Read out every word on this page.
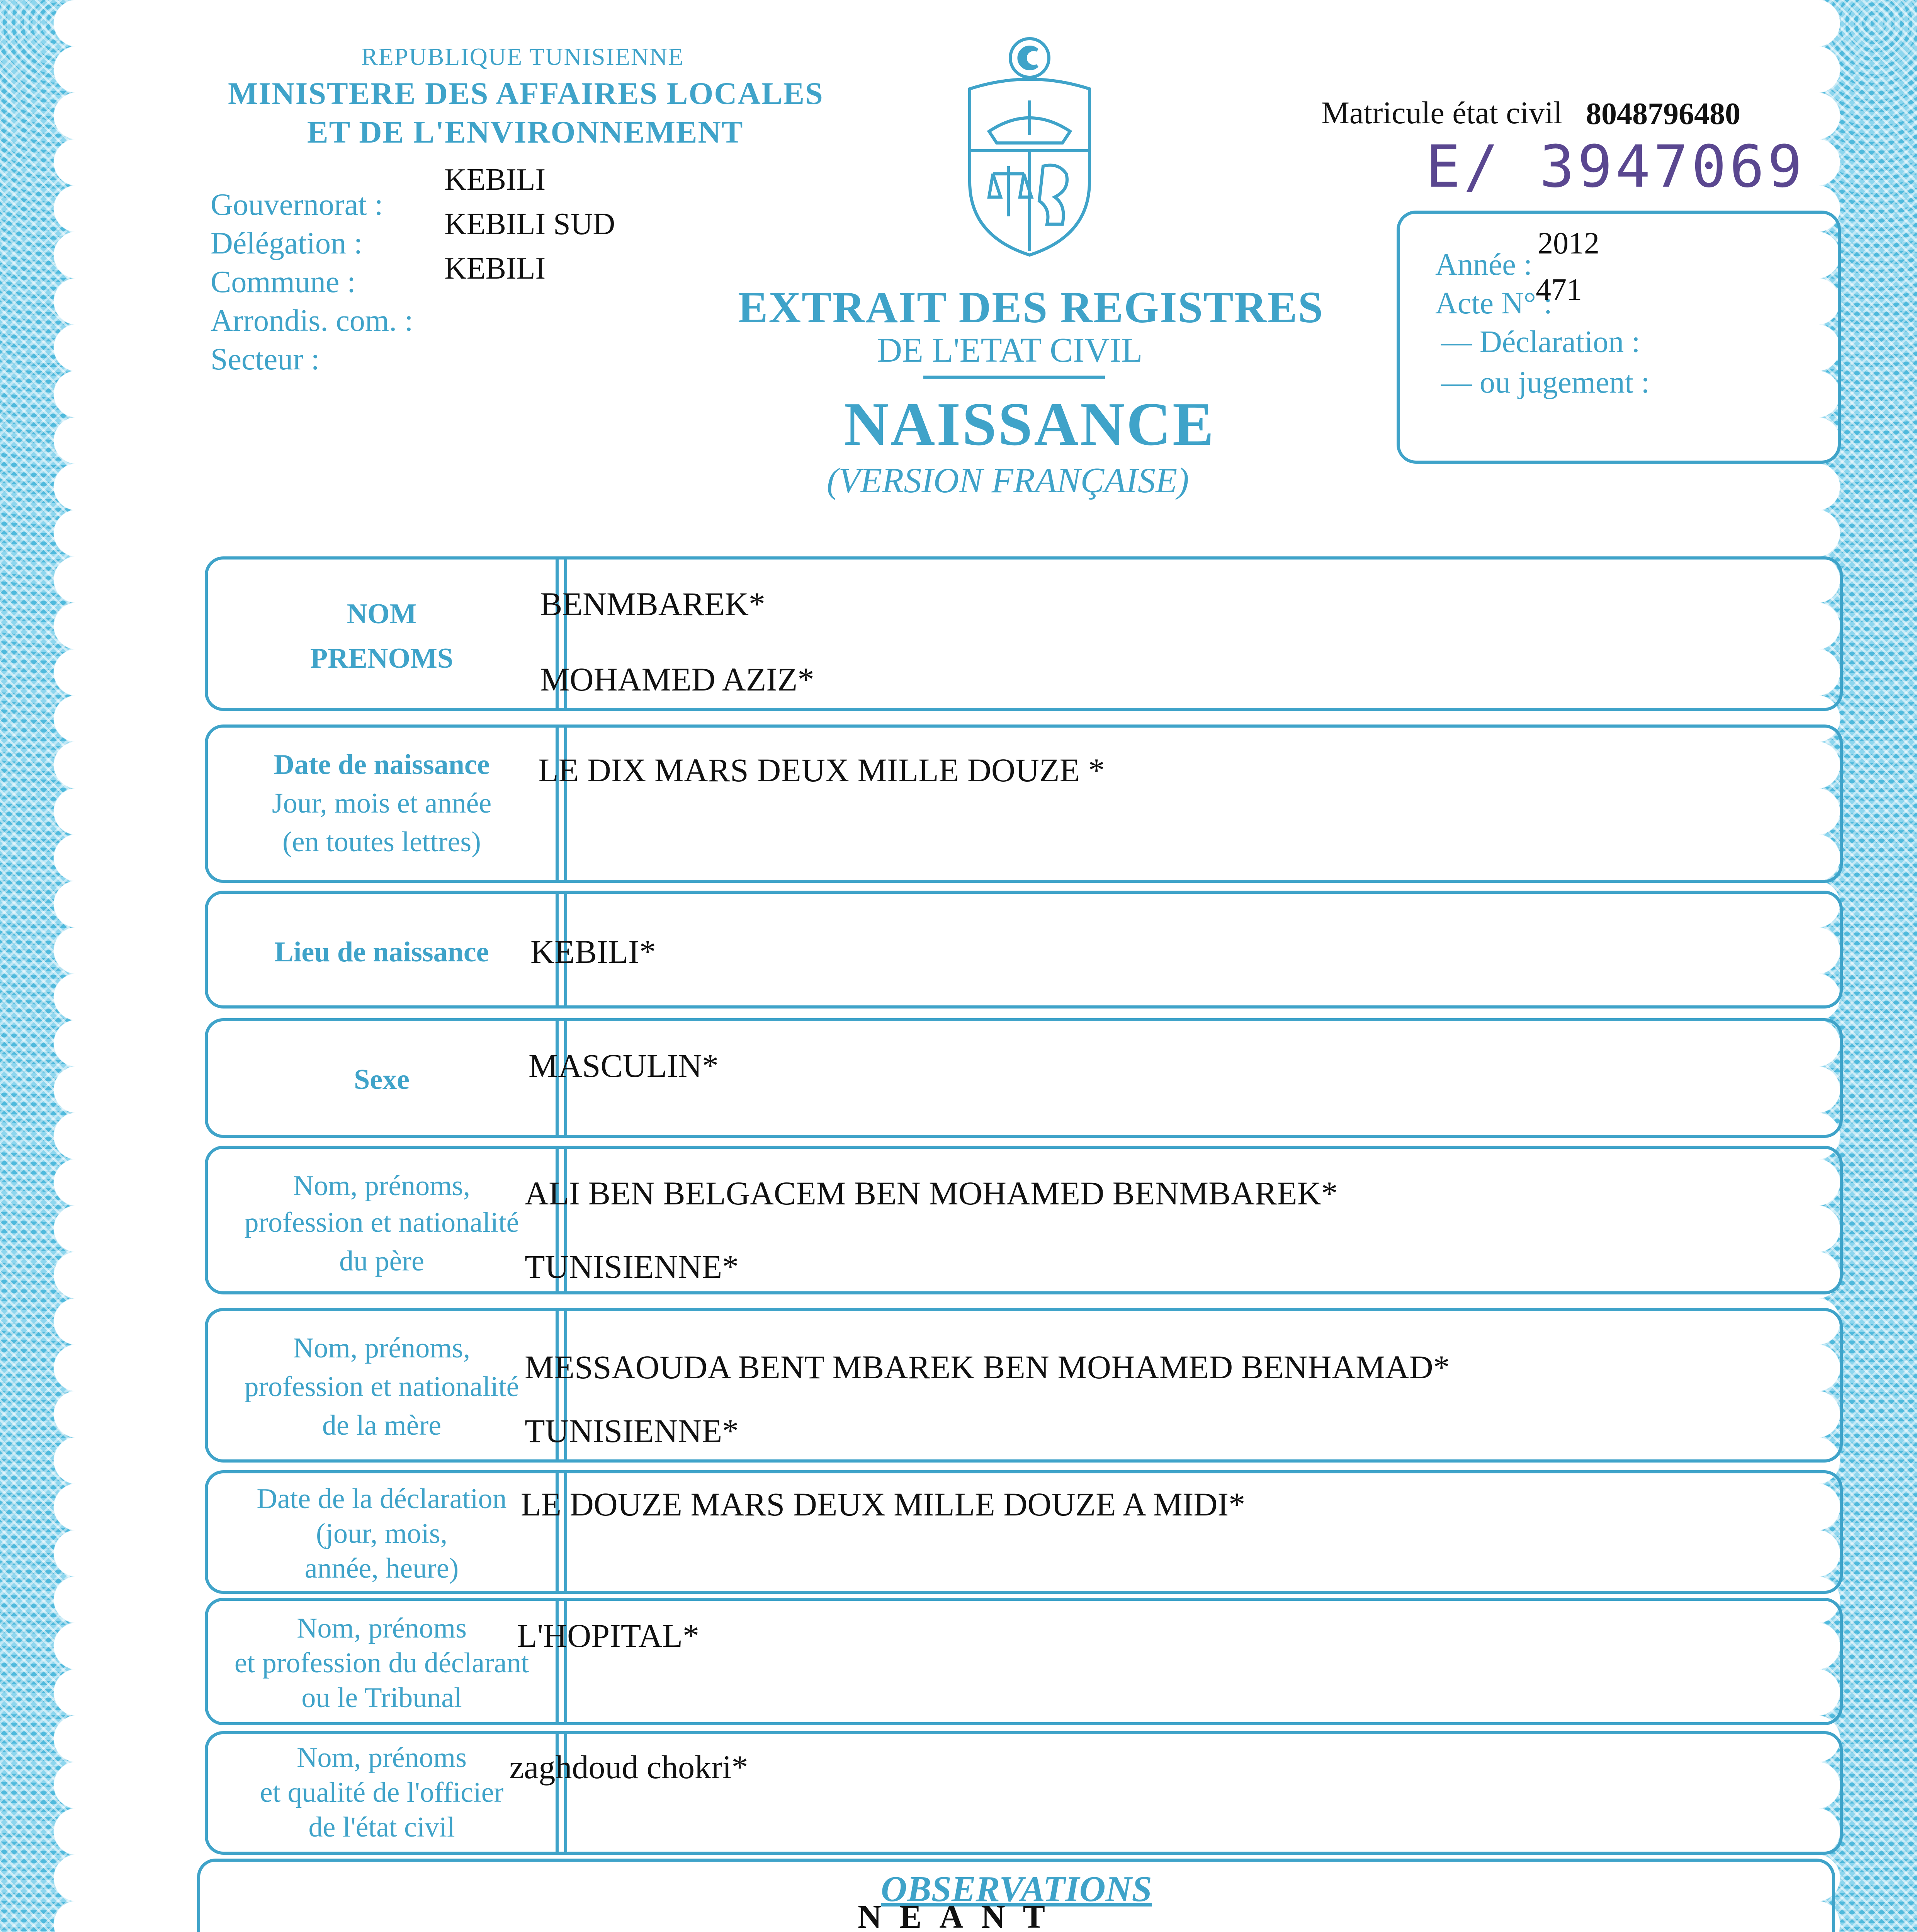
REPUBLIQUE TUNISIENNE
MINISTERE DES AFFAIRES LOCALES
ET DE L'ENVIRONNEMENT
Gouvernorat :
KEBILI
Délégation :
KEBILI SUD
Commune :	KEBILI
Arrondis. com. :
Secteur :
Matricule état civil 8048796480
E/ 3947069
EXTRAIT DES REGISTRES
DE L'ETAT CIVIL
NAISSANCE
(VERSION FRANÇAISE)
Année :
2012
Acte N° :
471
— Déclaration :
— ou jugement :
NOM
PRENOMS
BENMBAREK*
MOHAMED AZIZ*
Date de naissance
Jour, mois et année
(en toutes lettres)
LE DIX MARS DEUX MILLE DOUZE *
Lieu de naissance	KEBILI*
Sexe	MASCULIN*
Nom, prénoms,
profession et nationalité
du père
ALI BEN BELGACEM BEN MOHAMED BENMBAREK*
TUNISIENNE*
Nom, prénoms,
profession et nationalité
de la mère
MESSAOUDA BENT MBAREK BEN MOHAMED BENHAMAD*
TUNISIENNE*
Date de la déclaration
(jour, mois,
année, heure)
LE DOUZE MARS DEUX MILLE DOUZE A MIDI*
Nom, prénoms
et profession du déclarant
ou le Tribunal
L'HOPITAL*
Nom, prénoms
et qualité de l'officier
de l'état civil
zaghdoud chokri*
OBSERVATIONS
NEANT
